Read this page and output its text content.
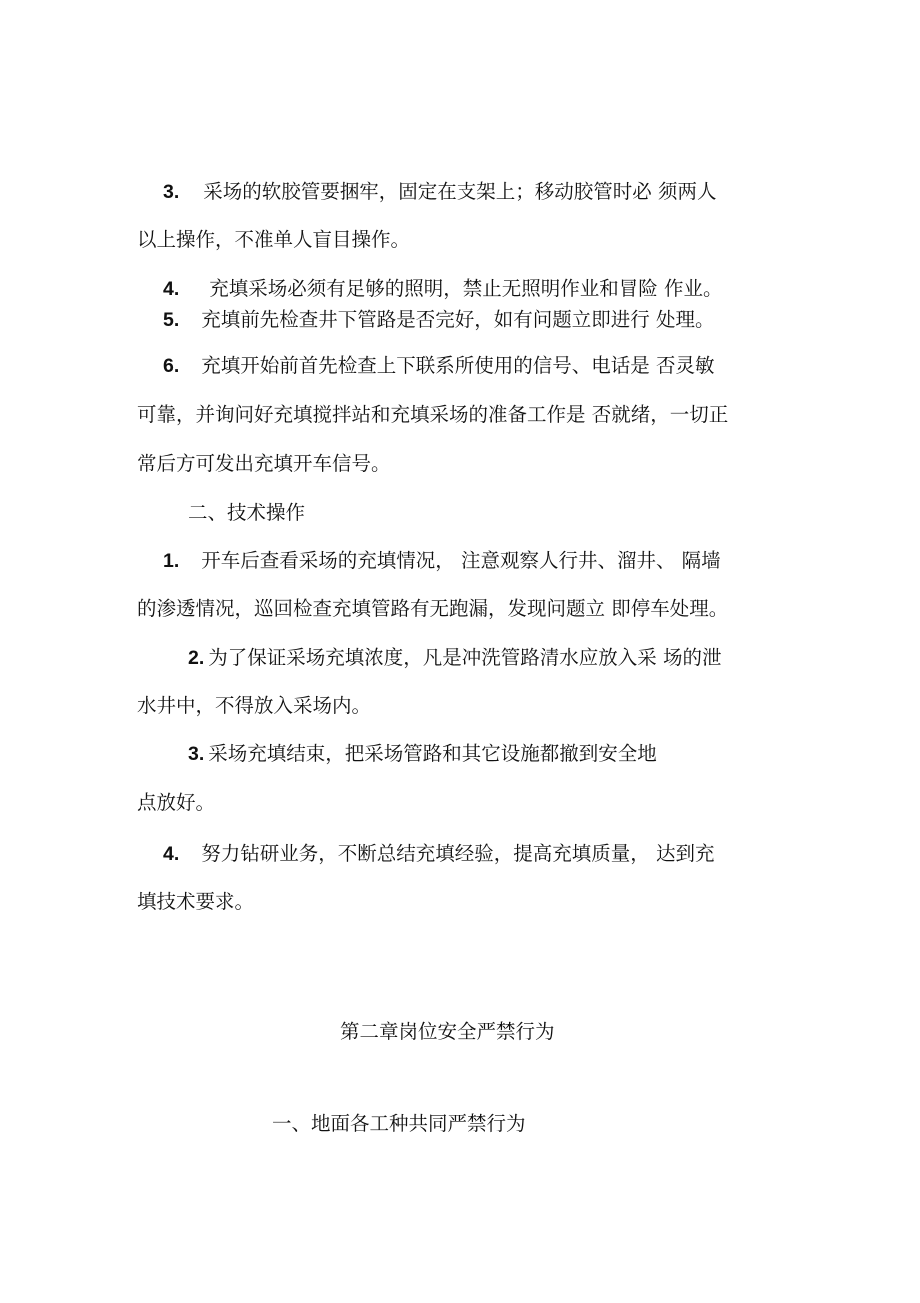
3. 采场的软胶管要捆牢，固定在支架上；移动胶管时必 须两人
以上操作，不准单人盲目操作。
4. 充填采场必须有足够的照明，禁止无照明作业和冒险 作业。
5. 充填前先检查井下管路是否完好，如有问题立即进行 处理。
6. 充填开始前首先检查上下联系所使用的信号、电话是 否灵敏
可靠，并询问好充填搅拌站和充填采场的准备工作是 否就绪，一切正
常后方可发出充填开车信号。
二、技术操作
1. 开车后查看采场的充填情况， 注意观察人行井、溜井、 隔墙
的渗透情况，巡回检查充填管路有无跑漏，发现问题立 即停车处理。
2. 为了保证采场充填浓度，凡是冲洗管路清水应放入采 场的泄
水井中，不得放入采场内。
3. 采场充填结束，把采场管路和其它设施都撤到安全地
点放好。
4. 努力钻研业务，不断总结充填经验，提高充填质量， 达到充
填技术要求。
第二章岗位安全严禁行为
一、地面各工种共同严禁行为
